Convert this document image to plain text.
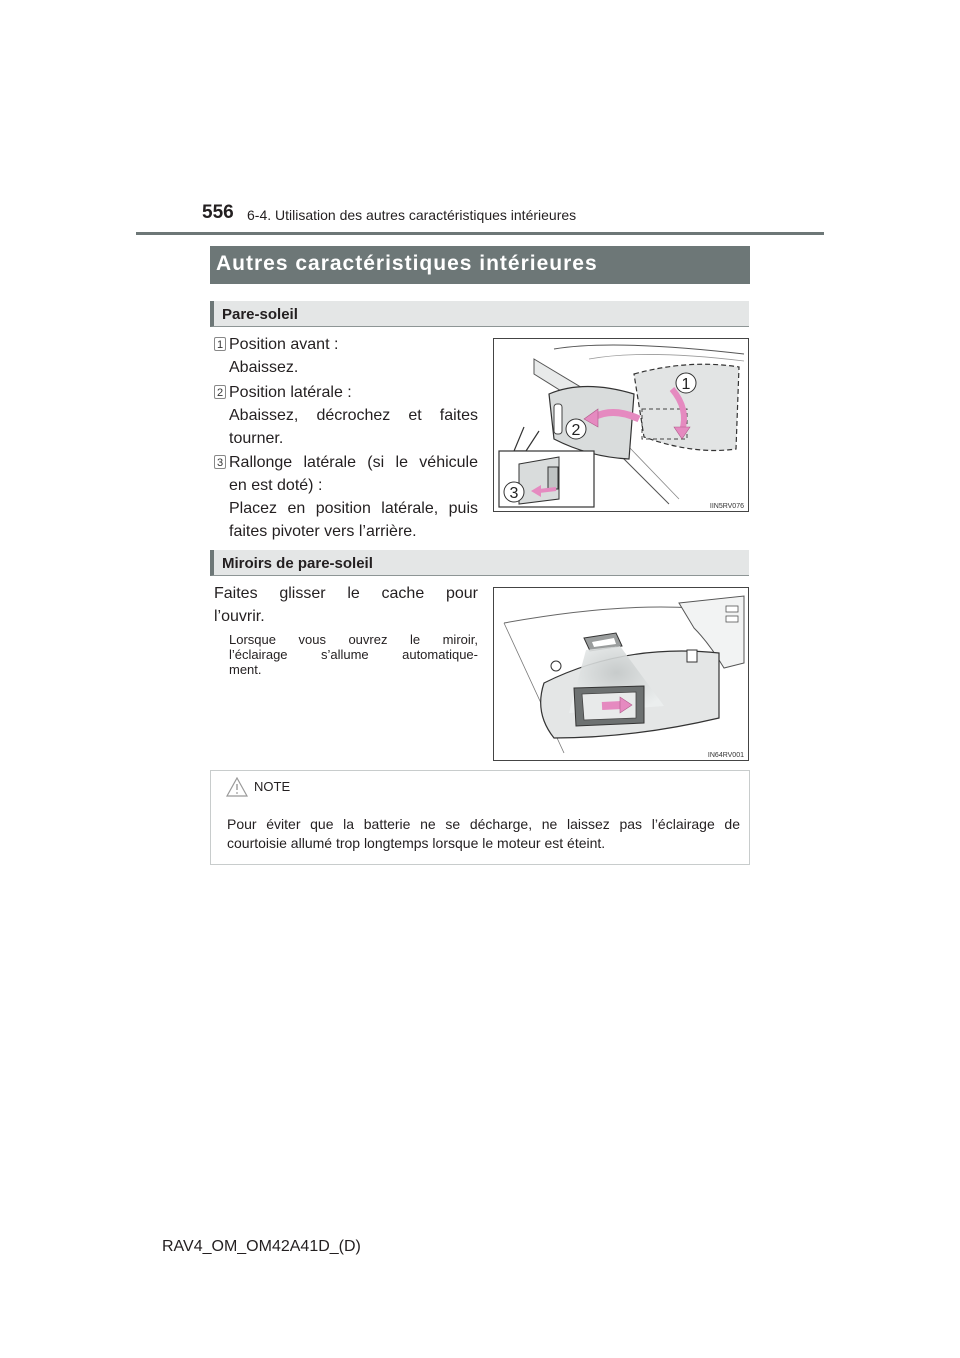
556 6-4. Utilisation des autres caractéristiques intérieures
Autres caractéristiques intérieures
Pare-soleil
1 Position avant :
Abaissez.
2 Position latérale :
Abaissez, décrochez et faites
tourner.
3 Rallonge latérale (si le véhicule
en est doté) :
Placez en position latérale, puis
faites pivoter vers l’arrière.
1
2
3
IIN5RV076
Miroirs de pare-soleil
Faites glisser le cache pour
l’ouvrir.
Lorsque vous ouvrez le miroir,
l’éclairage s’allume automatique-
ment.
IN64RV001
NOTE
Pour éviter que la batterie ne se décharge, ne laissez pas l’éclairage de
courtoisie allumé trop longtemps lorsque le moteur est éteint.
RAV4_OM_OM42A41D_(D)
